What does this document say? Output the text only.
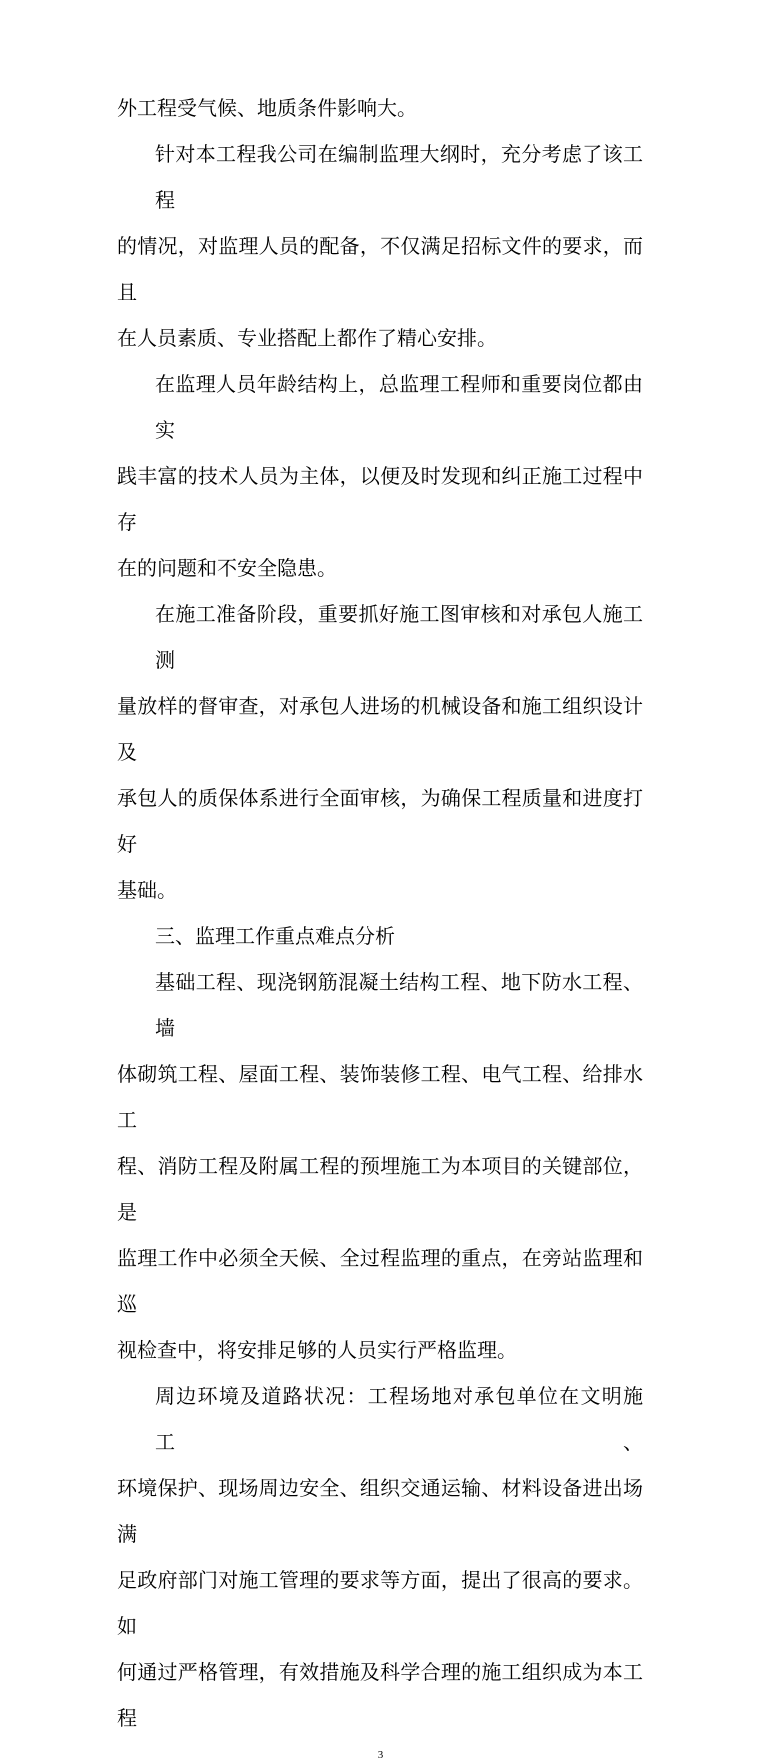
外工程受气候、地质条件影响大。
针对本工程我公司在编制监理大纲时，充分考虑了该工程
的情况，对监理人员的配备，不仅满足招标文件的要求，而且
在人员素质、专业搭配上都作了精心安排。
在监理人员年龄结构上，总监理工程师和重要岗位都由实
践丰富的技术人员为主体，以便及时发现和纠正施工过程中存
在的问题和不安全隐患。
在施工准备阶段，重要抓好施工图审核和对承包人施工测
量放样的督审查，对承包人进场的机械设备和施工组织设计及
承包人的质保体系进行全面审核，为确保工程质量和进度打好
基础。
三、监理工作重点难点分析
基础工程、现浇钢筋混凝土结构工程、地下防水工程、墙
体砌筑工程、屋面工程、装饰装修工程、电气工程、给排水工
程、消防工程及附属工程的预埋施工为本项目的关键部位，是
监理工作中必须全天候、全过程监理的重点，在旁站监理和巡
视检查中，将安排足够的人员实行严格监理。
周边环境及道路状况：工程场地对承包单位在文明施工、
环境保护、现场周边安全、组织交通运输、材料设备进出场满
足政府部门对施工管理的要求等方面，提出了很高的要求。如
何通过严格管理，有效措施及科学合理的施工组织成为本工程
3
